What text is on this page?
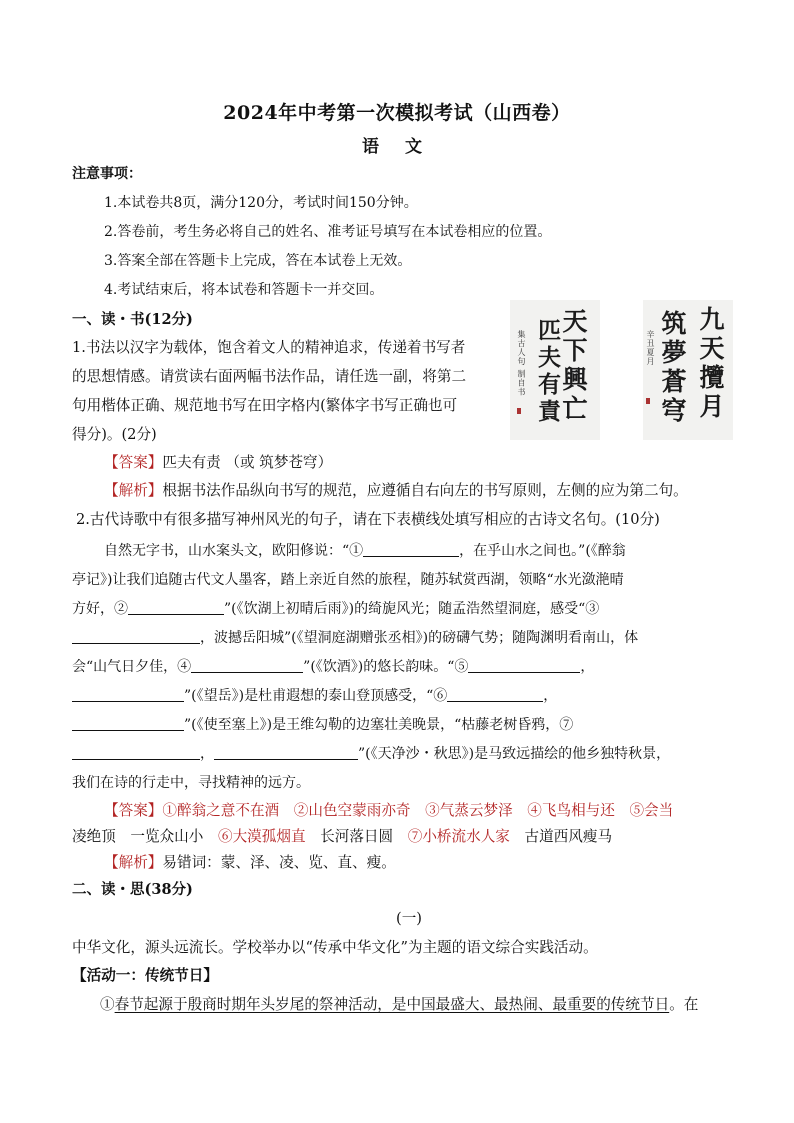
2024年中考第一次模拟考试（山西卷）
语 文
注意事项：
1.本试卷共8页，满分120分，考试时间150分钟。
2.答卷前，考生务必将自己的姓名、准考证号填写在本试卷相应的位置。
3.答案全部在答题卡上完成，答在本试卷上无效。
4.考试结束后，将本试卷和答题卡一并交回。
一、读・书(12分)
1.书法以汉字为载体，饱含着文人的精神追求，传递着书写者
的思想情感。请赏读右面两幅书法作品，请任选一副，将第二
句用楷体正确、规范地书写在田字格内(繁体字书写正确也可
得分)。(2分)
天下興亡
匹夫有責
集古人句 制自书	九天攬月
筑夢蒼穹
辛丑夏月
【答案】匹夫有责 （或 筑梦苍穹）
【解析】根据书法作品纵向书写的规范，应遵循自右向左的书写原则，左侧的应为第二句。
2.古代诗歌中有很多描写神州风光的句子，请在下表横线处填写相应的古诗文名句。(10分)
自然无字书，山水案头文，欧阳修说：“①	，在乎山水之间也。”(《醉翁
亭记》)让我们追随古代文人墨客，踏上亲近自然的旅程，随苏轼赏西湖，领略“水光潋滟晴
方好，②	”(《饮湖上初晴后雨》)的绮旎风光；随孟浩然望洞庭，感受“③
，波撼岳阳城”(《望洞庭湖赠张丞相》)的磅礴气势；随陶渊明看南山，体
会“山气日夕佳，④	”(《饮酒》)的悠长韵味。“⑤	，
”(《望岳》)是杜甫遐想的泰山登顶感受，“⑥	，
”(《使至塞上》)是王维勾勒的边塞壮美晚景，“枯藤老树昏鸦，⑦
，	”(《天净沙・秋思》)是马致远描绘的他乡独特秋景，
我们在诗的行走中，寻找精神的远方。
【答案】①醉翁之意不在酒  ②山色空蒙雨亦奇  ③气蒸云梦泽  ④飞鸟相与还  ⑤会当
凌绝顶  一览众山小  ⑥大漠孤烟直  长河落日圆  ⑦小桥流水人家  古道西风瘦马
【解析】易错词：蒙、泽、凌、览、直、瘦。
二、读・思(38分)
(一)
中华文化，源头远流长。学校举办以“传承中华文化”为主题的语文综合实践活动。
【活动一：传统节日】
①春节起源于殷商时期年头岁尾的祭神活动，是中国最盛大、最热闹、最重要的传统节日。在
